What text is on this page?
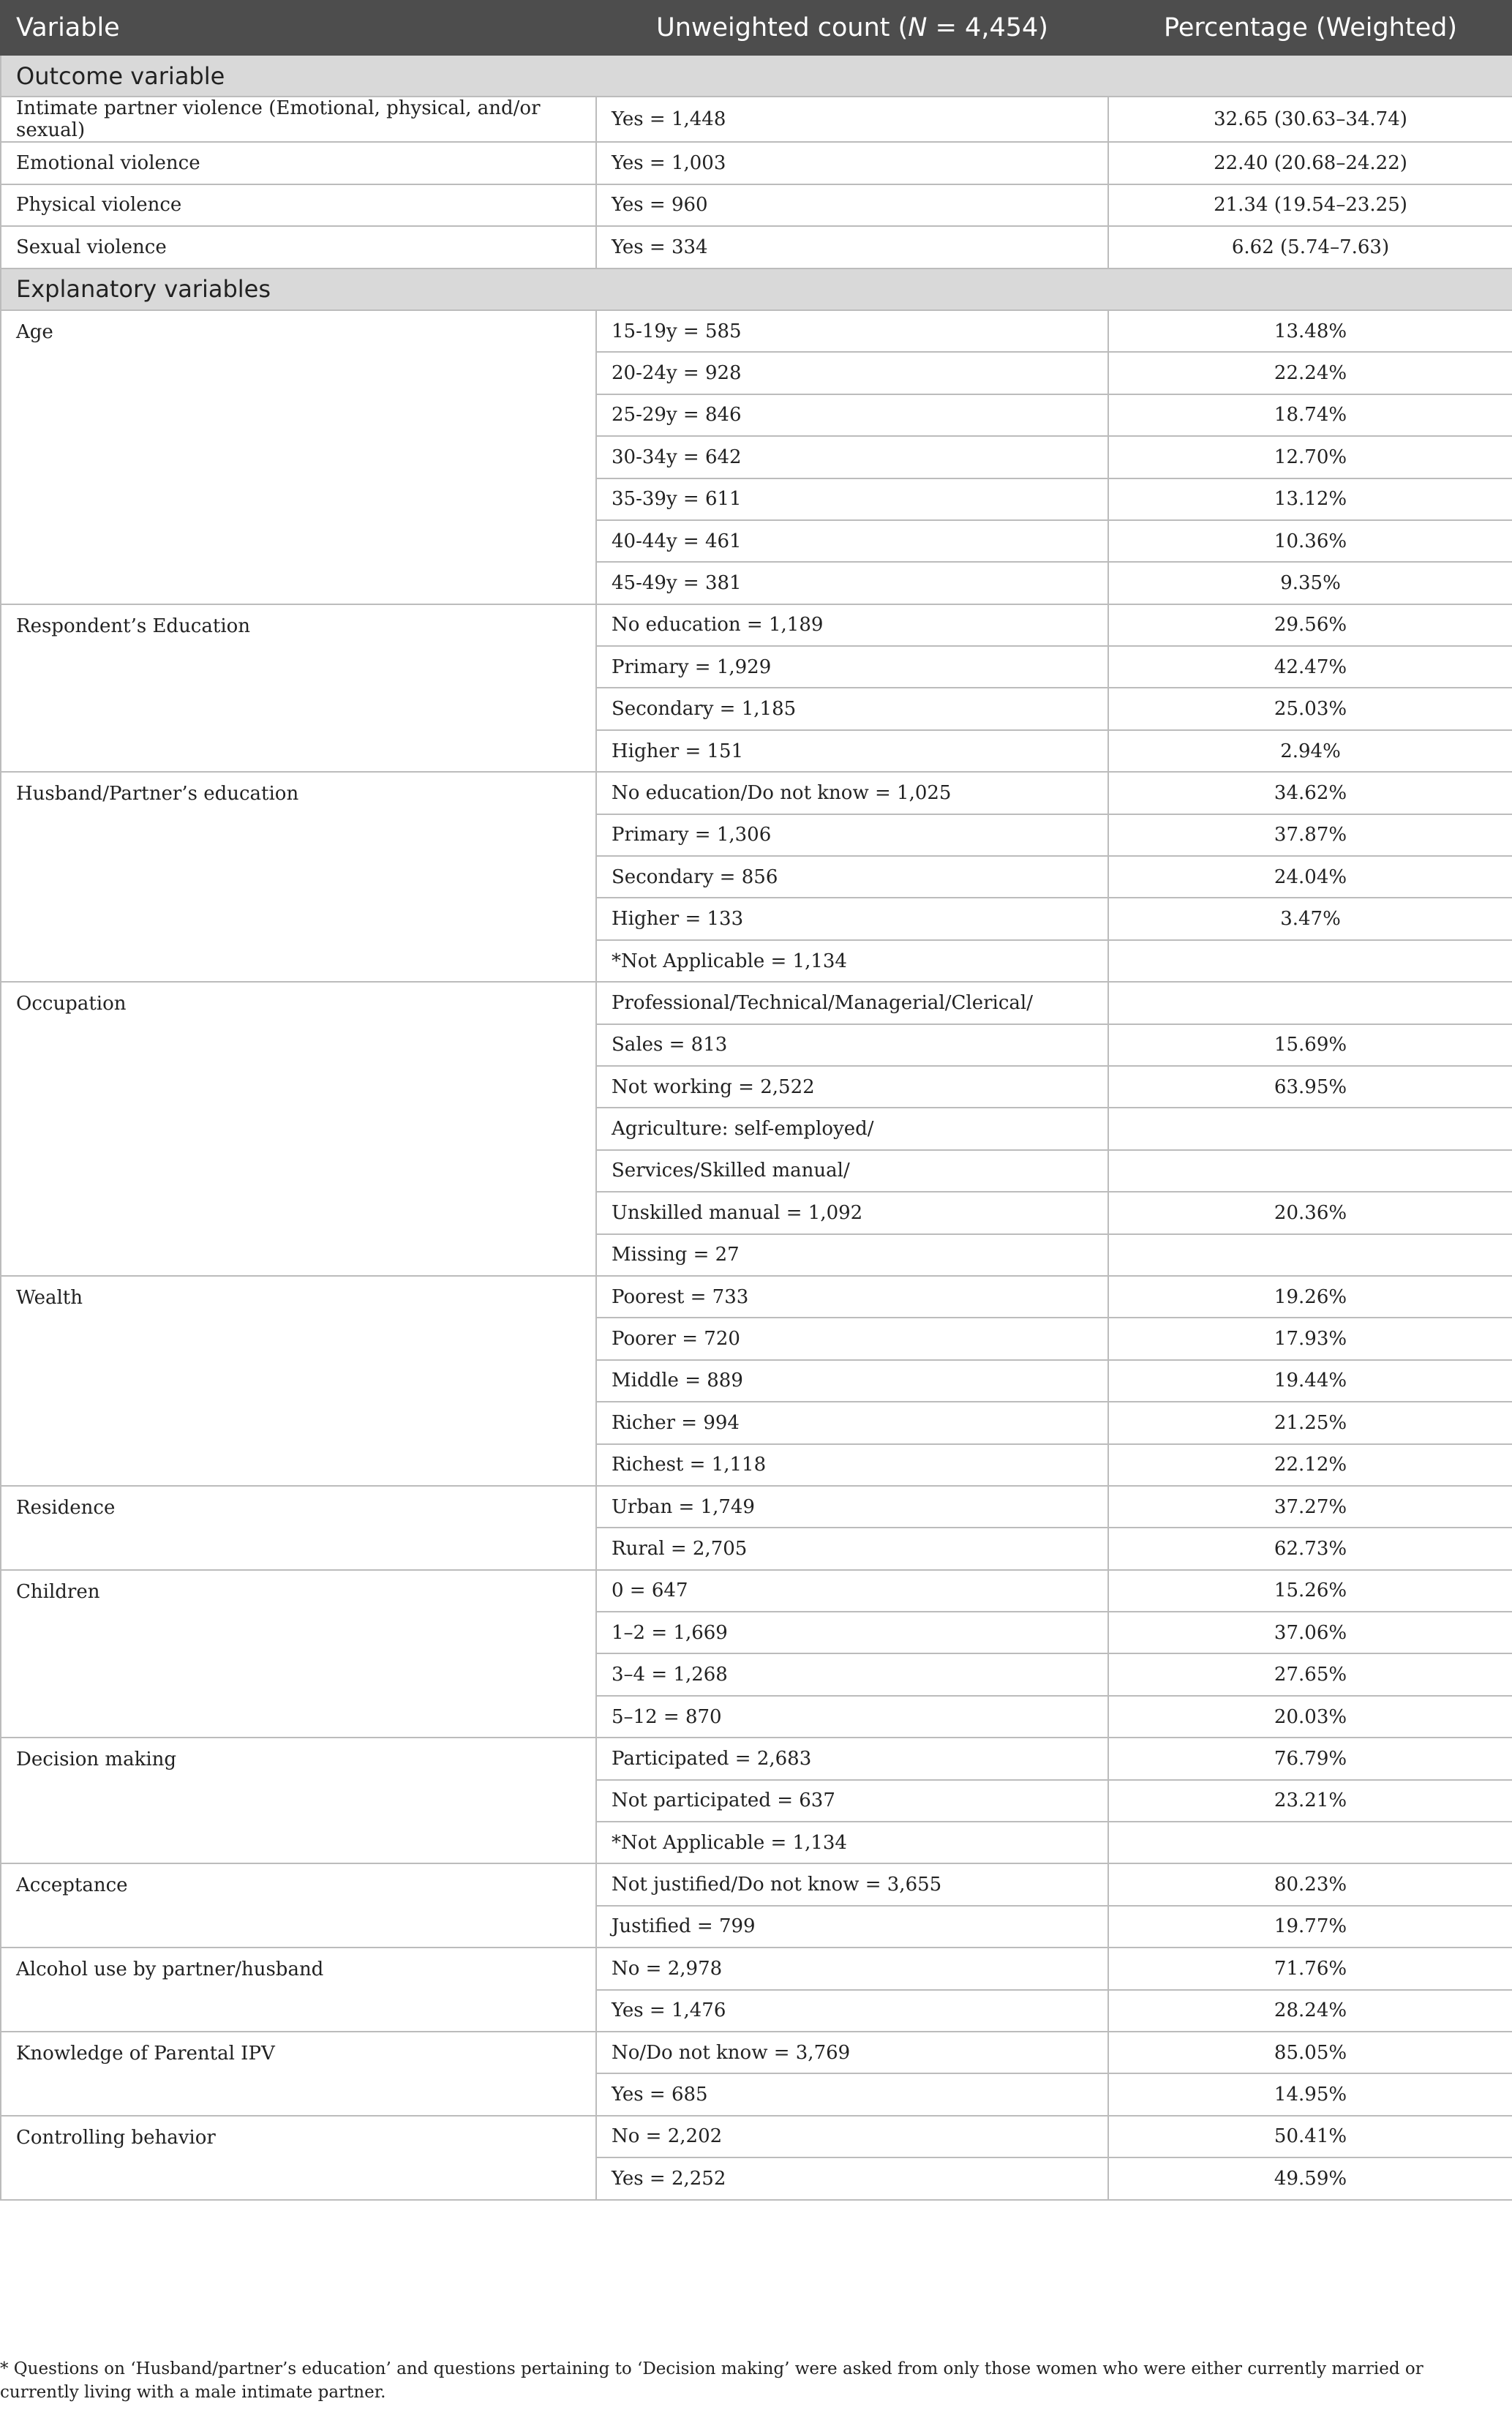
Variable	Unweighted count (N = 4,454)	Percentage (Weighted)
Outcome variable		
Intimate partner violence (Emotional, physical, and/or sexual)	Yes = 1,448	32.65 (30.63–34.74)
Emotional violence	Yes = 1,003	22.40 (20.68–24.22)
Physical violence	Yes = 960	21.34 (19.54–23.25)
Sexual violence	Yes = 334	6.62 (5.74–7.63)
Explanatory variables		
Age	15-19y = 585	13.48%
	20-24y = 928	22.24%
	25-29y = 846	18.74%
	30-34y = 642	12.70%
	35-39y = 611	13.12%
	40-44y = 461	10.36%
	45-49y = 381	9.35%
Respondent’s Education	No education = 1,189	29.56%
	Primary = 1,929	42.47%
	Secondary = 1,185	25.03%
	Higher = 151	2.94%
Husband/Partner’s education	No education/Do not know = 1,025	34.62%
	Primary = 1,306	37.87%
	Secondary = 856	24.04%
	Higher = 133	3.47%
	*Not Applicable = 1,134	
Occupation	Professional/Technical/Managerial/Clerical/	
	Sales = 813	15.69%
	Not working = 2,522	63.95%
	Agriculture: self-employed/	
	Services/Skilled manual/	
	Unskilled manual = 1,092	20.36%
	Missing = 27	
Wealth	Poorest = 733	19.26%
	Poorer = 720	17.93%
	Middle = 889	19.44%
	Richer = 994	21.25%
	Richest = 1,118	22.12%
Residence	Urban = 1,749	37.27%
	Rural = 2,705	62.73%
Children	0 = 647	15.26%
	1–2 = 1,669	37.06%
	3–4 = 1,268	27.65%
	5–12 = 870	20.03%
Decision making	Participated = 2,683	76.79%
	Not participated = 637	23.21%
	*Not Applicable = 1,134	
Acceptance	Not justified/Do not know = 3,655	80.23%
	Justified = 799	19.77%
Alcohol use by partner/husband	No = 2,978	71.76%
	Yes = 1,476	28.24%
Knowledge of Parental IPV	No/Do not know = 3,769	85.05%
	Yes = 685	14.95%
Controlling behavior	No = 2,202	50.41%
	Yes = 2,252	49.59%
* Questions on ‘Husband/partner’s education’ and questions pertaining to ‘Decision making’ were asked from only those women who were either currently married or currently living with a male intimate partner.
